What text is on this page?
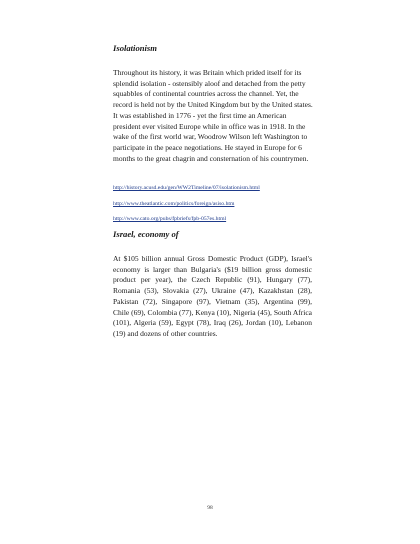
Isolationism

Throughout its history, it was Britain which prided itself for its splendid isolation - ostensibly aloof and detached from the petty squabbles of continental countries across the channel. Yet, the record is held not by the United Kingdom but by the United states. It was established in 1776 - yet the first time an American president ever visited Europe while in office was in 1918. In the wake of the first world war, Woodrow Wilson left Washington to participate in the peace negotiations. He stayed in Europe for 6 months to the great chagrin and consternation of his countrymen.

http://history.acusd.edu/gen/WW2Timeline/07/isolationism.html
http://www.theatlantic.com/politics/foreign/asiso.htm
http://www.cato.org/pubs/fpbriefs/fpb-057es.html
Israel, economy of

At $105 billion annual Gross Domestic Product (GDP), Israel's economy is larger than Bulgaria's ($19 billion gross domestic product per year), the Czech Republic (91), Hungary (77), Romania (53), Slovakia (27), Ukraine (47), Kazakhstan (28), Pakistan (72), Singapore (97), Vietnam (35), Argentina (99), Chile (69), Colombia (77), Kenya (10), Nigeria (45), South Africa (101), Algeria (59), Egypt (78), Iraq (26), Jordan (10), Lebanon (19) and dozens of other countries.

98
